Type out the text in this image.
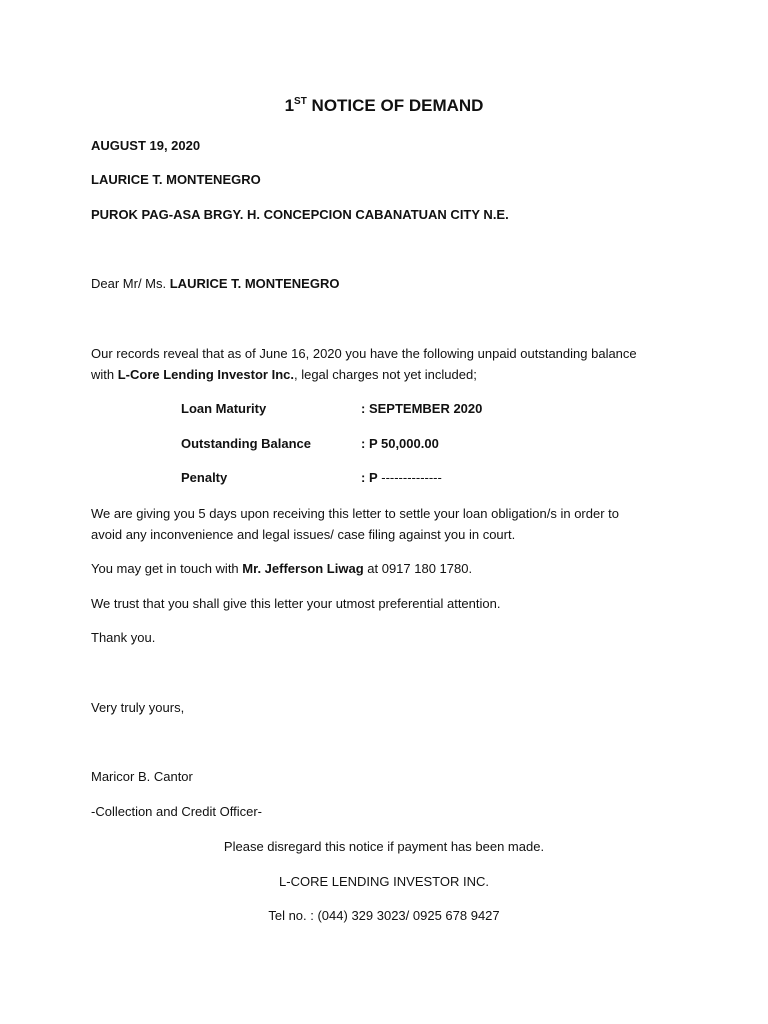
1ST NOTICE OF DEMAND
AUGUST 19, 2020
LAURICE T. MONTENEGRO
PUROK PAG-ASA BRGY. H. CONCEPCION CABANATUAN CITY N.E.
Dear Mr/ Ms. LAURICE T. MONTENEGRO
Our records reveal that as of June 16, 2020 you have the following unpaid outstanding balance
with L-Core Lending Investor Inc., legal charges not yet included;
Loan Maturity	: SEPTEMBER 2020
Outstanding Balance	: P 50,000.00
Penalty	: P --------------
We are giving you 5 days upon receiving this letter to settle your loan obligation/s in order to
avoid any inconvenience and legal issues/ case filing against you in court.
You may get in touch with Mr. Jefferson Liwag at 0917 180 1780.
We trust that you shall give this letter your utmost preferential attention.
Thank you.
Very truly yours,
Maricor B. Cantor
-Collection and Credit Officer-
Please disregard this notice if payment has been made.
L-CORE LENDING INVESTOR INC.
Tel no. : (044) 329 3023/ 0925 678 9427
